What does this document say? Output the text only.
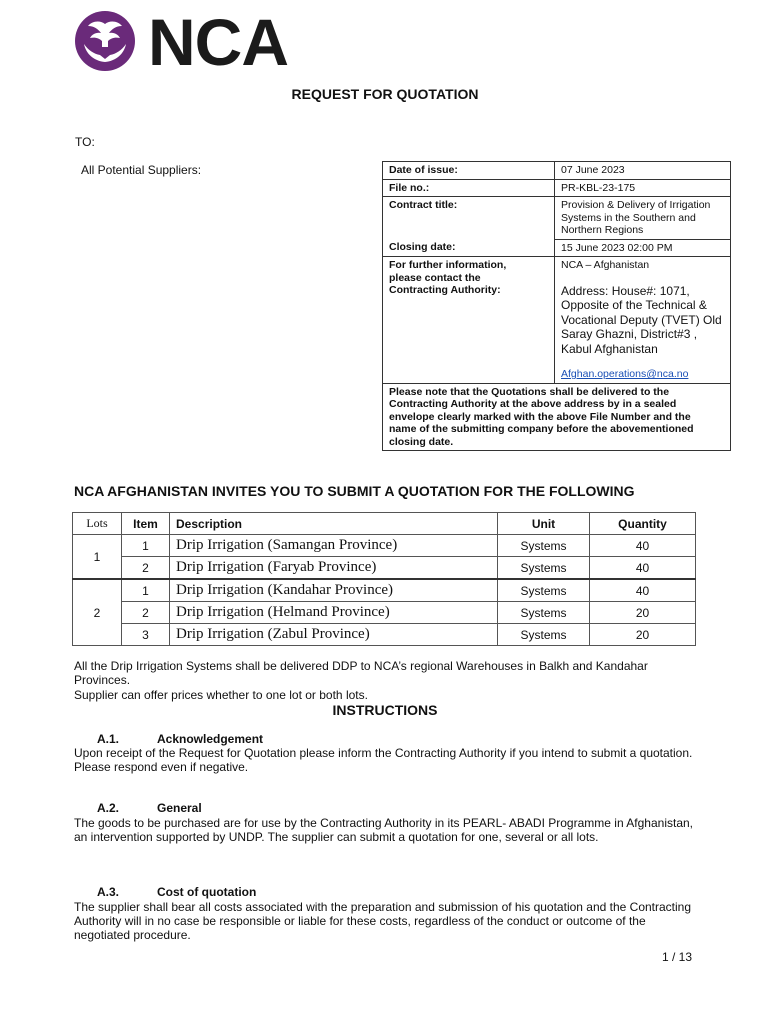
NCA
REQUEST FOR QUOTATION
TO:
All Potential Suppliers:	Date of issue:	07 June 2023
File no.:	PR-KBL-23-175
Contract title:	Provision & Delivery of Irrigation Systems in the Southern and Northern Regions
Closing date:	15 June 2023 02:00 PM
For further information, please contact the Contracting Authority:	NCA – Afghanistan
Address: House#: 1071, Opposite of the Technical & Vocational Deputy (TVET) Old Saray Ghazni, District#3 , Kabul Afghanistan
Afghan.operations@nca.no

Please note that the Quotations shall be delivered to the Contracting Authority at the above address by in a sealed envelope clearly marked with the above File Number and the name of the submitting company before the abovementioned closing date.	
NCA AFGHANISTAN INVITES YOU TO SUBMIT A QUOTATION FOR THE FOLLOWING
Lots	Item	Description	Unit	Quantity
1	1	Drip Irrigation (Samangan Province)	Systems	40
	2	Drip Irrigation (Faryab Province)	Systems	40
2	1	Drip Irrigation (Kandahar Province)	Systems	40
	2	Drip Irrigation (Helmand Province)	Systems	20
	3	Drip Irrigation (Zabul Province)	Systems	20
All the Drip Irrigation Systems shall be delivered DDP to NCA’s regional Warehouses in Balkh and Kandahar Provinces.
Supplier can offer prices whether to one lot or both lots.
INSTRUCTIONS
A.1.	Acknowledgement
Upon receipt of the Request for Quotation please inform the Contracting Authority if you intend to submit a quotation. Please respond even if negative.
A.2.	General
The goods to be purchased are for use by the Contracting Authority in its PEARL- ABADI Programme in Afghanistan, an intervention supported by UNDP. The supplier can submit a quotation for one, several or all lots.
A.3.	Cost of quotation
The supplier shall bear all costs associated with the preparation and submission of his quotation and the Contracting Authority will in no case be responsible or liable for these costs, regardless of the conduct or outcome of the negotiated procedure.
1 / 13
